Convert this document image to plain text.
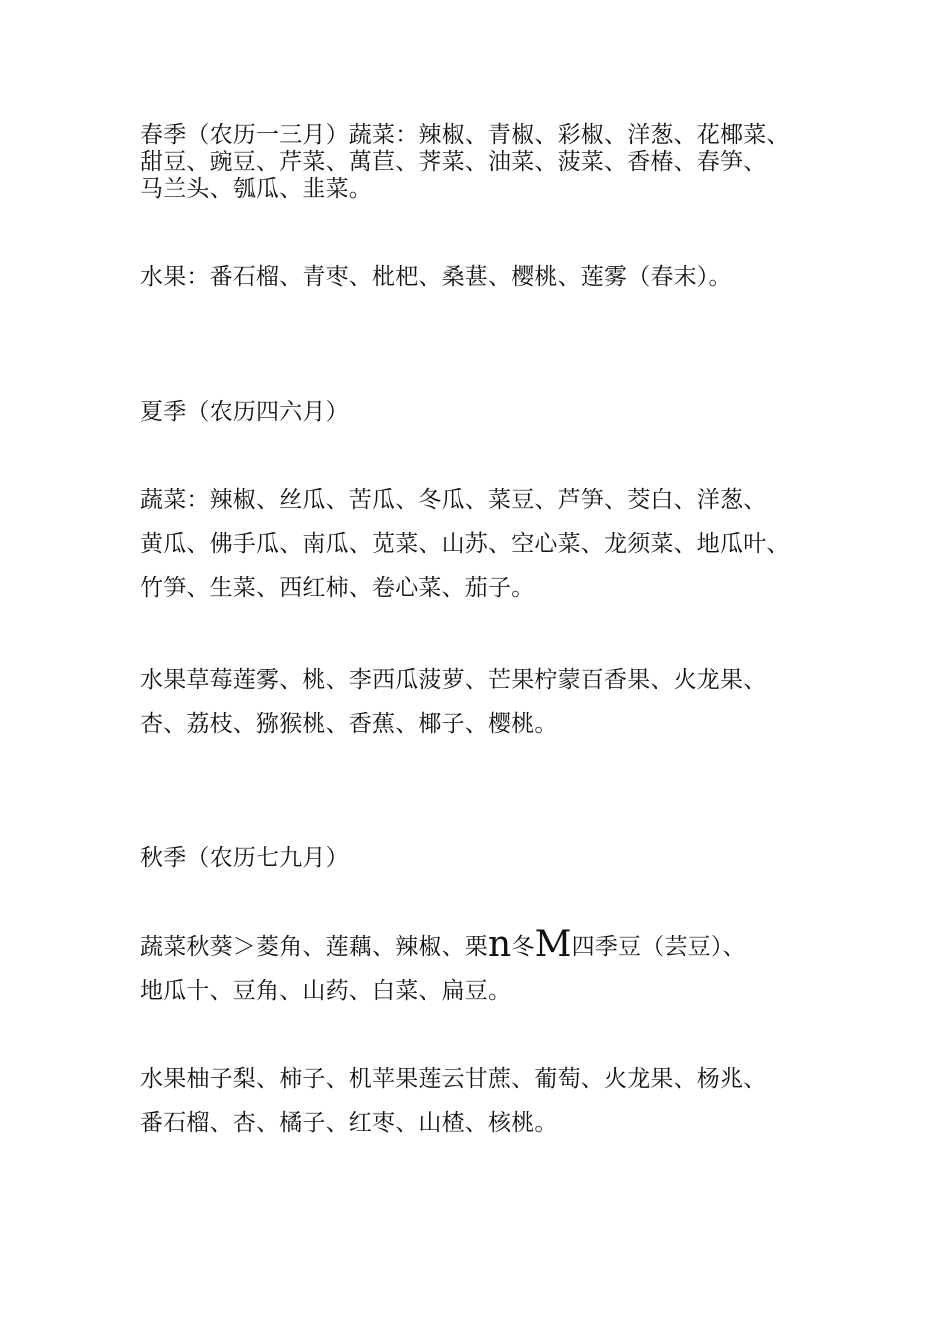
春季（农历一三月）蔬菜：辣椒、青椒、彩椒、洋葱、花椰菜、
甜豆、豌豆、芹菜、萬苣、荠菜、油菜、菠菜、香椿、春笋、
马兰头、瓠瓜、韭菜。
水果：番石榴、青枣、枇杷、桑葚、樱桃、莲雾（春末）。
夏季（农历四六月）
蔬菜：辣椒、丝瓜、苦瓜、冬瓜、菜豆、芦笋、茭白、洋葱、
黄瓜、佛手瓜、南瓜、苋菜、山苏、空心菜、龙须菜、地瓜叶、
竹笋、生菜、西红柿、卷心菜、茄子。
水果草莓莲雾、桃、李西瓜菠萝、芒果柠蒙百香果、火龙果、
杏、荔枝、猕猴桃、香蕉、椰子、樱桃。
秋季（农历七九月）
蔬菜秋葵＞菱角、莲藕、辣椒、栗n冬M四季豆（芸豆）、
地瓜十、豆角、山药、白菜、扁豆。
水果柚子梨、柿子、机苹果莲云甘蔗、葡萄、火龙果、杨兆、
番石榴、杏、橘子、红枣、山楂、核桃。
